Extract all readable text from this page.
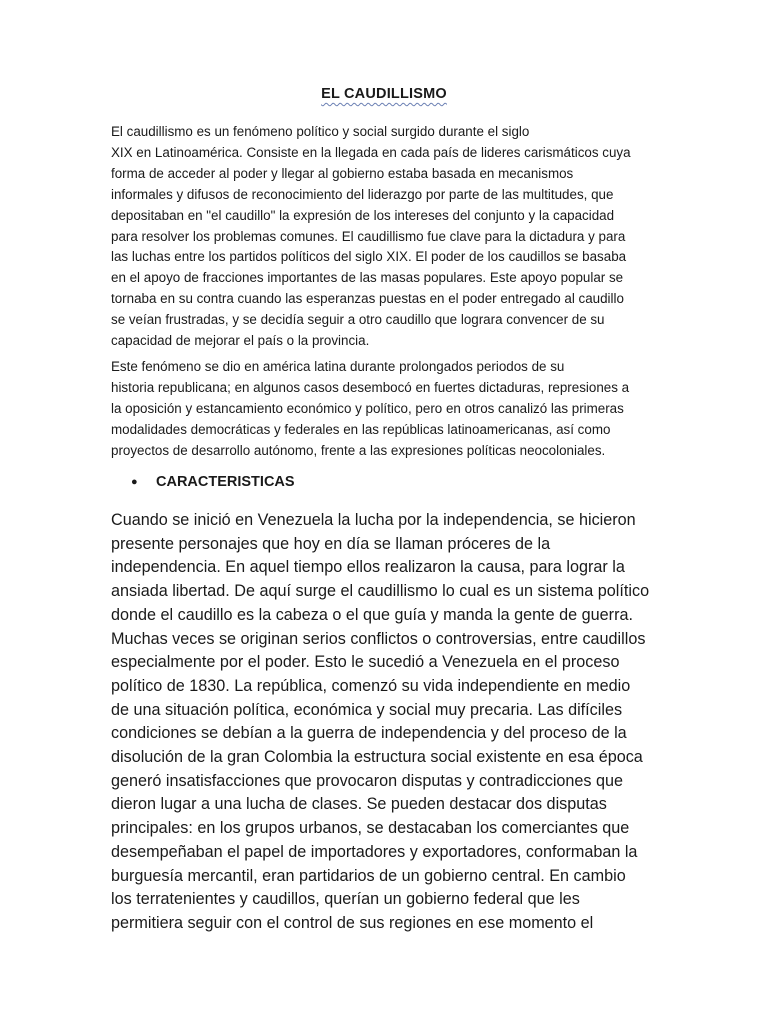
EL CAUDILLISMO
El caudillismo es un fenómeno político y social surgido durante el siglo
XIX en Latinoamérica. Consiste en la llegada en cada país de lideres carismáticos cuya
forma de acceder al poder y llegar al gobierno estaba basada en mecanismos
informales y difusos de reconocimiento del liderazgo por parte de las multitudes, que
depositaban en "el caudillo" la expresión de los intereses del conjunto y la capacidad
para resolver los problemas comunes. El caudillismo fue clave para la dictadura y para
las luchas entre los partidos políticos del siglo XIX. El poder de los caudillos se basaba
en el apoyo de fracciones importantes de las masas populares. Este apoyo popular se
tornaba en su contra cuando las esperanzas puestas en el poder entregado al caudillo
se veían frustradas, y se decidía seguir a otro caudillo que lograra convencer de su
capacidad de mejorar el país o la provincia.
Este fenómeno se dio en américa latina durante prolongados periodos de su
historia republicana; en algunos casos desembocó en fuertes dictaduras, represiones a
la oposición y estancamiento económico y político, pero en otros canalizó las primeras
modalidades democráticas y federales en las repúblicas latinoamericanas, así como
proyectos de desarrollo autónomo, frente a las expresiones políticas neocoloniales.
● CARACTERISTICAS
Cuando se inició en Venezuela la lucha por la independencia, se hicieron
presente personajes que hoy en día se llaman próceres de la
independencia. En aquel tiempo ellos realizaron la causa, para lograr la
ansiada libertad. De aquí surge el caudillismo lo cual es un sistema político
donde el caudillo es la cabeza o el que guía y manda la gente de guerra.
Muchas veces se originan serios conflictos o controversias, entre caudillos
especialmente por el poder. Esto le sucedió a Venezuela en el proceso
político de 1830. La república, comenzó su vida independiente en medio
de una situación política, económica y social muy precaria. Las difíciles
condiciones se debían a la guerra de independencia y del proceso de la
disolución de la gran Colombia la estructura social existente en esa época
generó insatisfacciones que provocaron disputas y contradicciones que
dieron lugar a una lucha de clases. Se pueden destacar dos disputas
principales: en los grupos urbanos, se destacaban los comerciantes que
desempeñaban el papel de importadores y exportadores, conformaban la
burguesía mercantil, eran partidarios de un gobierno central. En cambio
los terratenientes y caudillos, querían un gobierno federal que les
permitiera seguir con el control de sus regiones en ese momento el
